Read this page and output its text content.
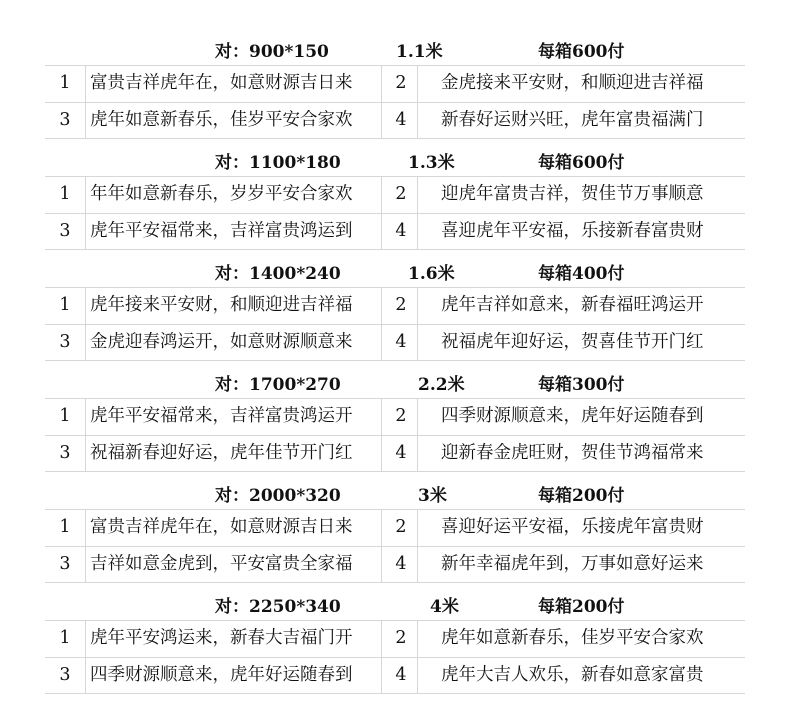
对：900*150	1.1米	每箱600付
1	富贵吉祥虎年在，如意财源吉日来	2	金虎接来平安财，和顺迎进吉祥福
3	虎年如意新春乐，佳岁平安合家欢	4	新春好运财兴旺，虎年富贵福满门
对：1100*180	1.3米	每箱600付
1	年年如意新春乐，岁岁平安合家欢	2	迎虎年富贵吉祥，贺佳节万事顺意
3	虎年平安福常来，吉祥富贵鸿运到	4	喜迎虎年平安福，乐接新春富贵财
对：1400*240	1.6米	每箱400付
1	虎年接来平安财，和顺迎进吉祥福	2	虎年吉祥如意来，新春福旺鸿运开
3	金虎迎春鸿运开，如意财源顺意来	4	祝福虎年迎好运，贺喜佳节开门红
对：1700*270	2.2米	每箱300付
1	虎年平安福常来，吉祥富贵鸿运开	2	四季财源顺意来，虎年好运随春到
3	祝福新春迎好运，虎年佳节开门红	4	迎新春金虎旺财，贺佳节鸿福常来
对：2000*320	3米	每箱200付
1	富贵吉祥虎年在，如意财源吉日来	2	喜迎好运平安福，乐接虎年富贵财
3	吉祥如意金虎到，平安富贵全家福	4	新年幸福虎年到，万事如意好运来
对：2250*340	4米	每箱200付
1	虎年平安鸿运来，新春大吉福门开	2	虎年如意新春乐，佳岁平安合家欢
3	四季财源顺意来，虎年好运随春到	4	虎年大吉人欢乐，新春如意家富贵
